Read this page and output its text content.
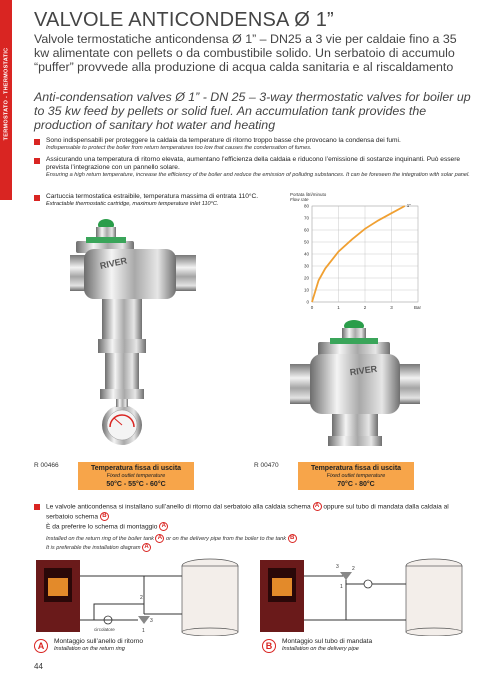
TERMOSTATO - THERMOSTATIC
VALVOLE ANTICONDENSA Ø 1”
Valvole termostatiche anticondensa Ø 1” – DN25 a 3 vie per caldaie fino a 35 kw alimentate con pellets o da combustibile solido. Un serbatoio di accumulo “puffer” provvede alla produzione di acqua calda sanitaria e al riscaldamento
Anti-condensation valves Ø 1” - DN 25 – 3-way thermostatic valves for boiler up to 35 kw feed by pellets or solid fuel. An accumulation tank provides the production of sanitary hot water and heating
Sono indispensabili per proteggere la caldaia da temperature di ritorno troppo basse che provocano la condensa dei fumi.
Indispensable to protect the boiler from return temperatures too low that causes the condensation of fumes.
Assicurando una temperatura di ritorno elevata, aumentano l’efficienza della caldaia e riducono l’emissione di sostanze inquinanti. Può essere prevista l’integrazione con un pannello solare.
Ensuring a high return temperature, increase the efficiency of the boiler and reduce the emission of polluting substances. It can be foreseen the integration with solar panel.
Cartuccia termostatica estraibile, temperatura massima di entrata 110°C.
Extractable thermostatic cartridge, maximum temperature inlet 110°C.
Portata litri/minuto
Flow rate
0
10
20
30
40
50
60
70
80
0	1	2	3
1”
Bar
RIVER
RIVER
R 00466	Temperatura fissa di uscita
Fixed outlet temperature
50°C - 55°C - 60°C
R 00470	Temperatura fissa di uscita
Fixed outlet temperature
70°C - 80°C
Le valvole anticondensa si installano sull’anello di ritorno dal serbatoio alla caldaia schema A oppure sul tubo di mandata dalla caldaia al serbatoio schema B
È da preferire lo schema di montaggio A
Installed on the return ring of the boiler tank A or on the delivery pipe from the boiler to the tank B
It is preferable the installation diagram A
2
3
1
circolatore
3	2
1
A	Montaggio sull’anello di ritorno
Installation on the return ring	B	Montaggio sul tubo di mandata
Installation on the delivery pipe
44
